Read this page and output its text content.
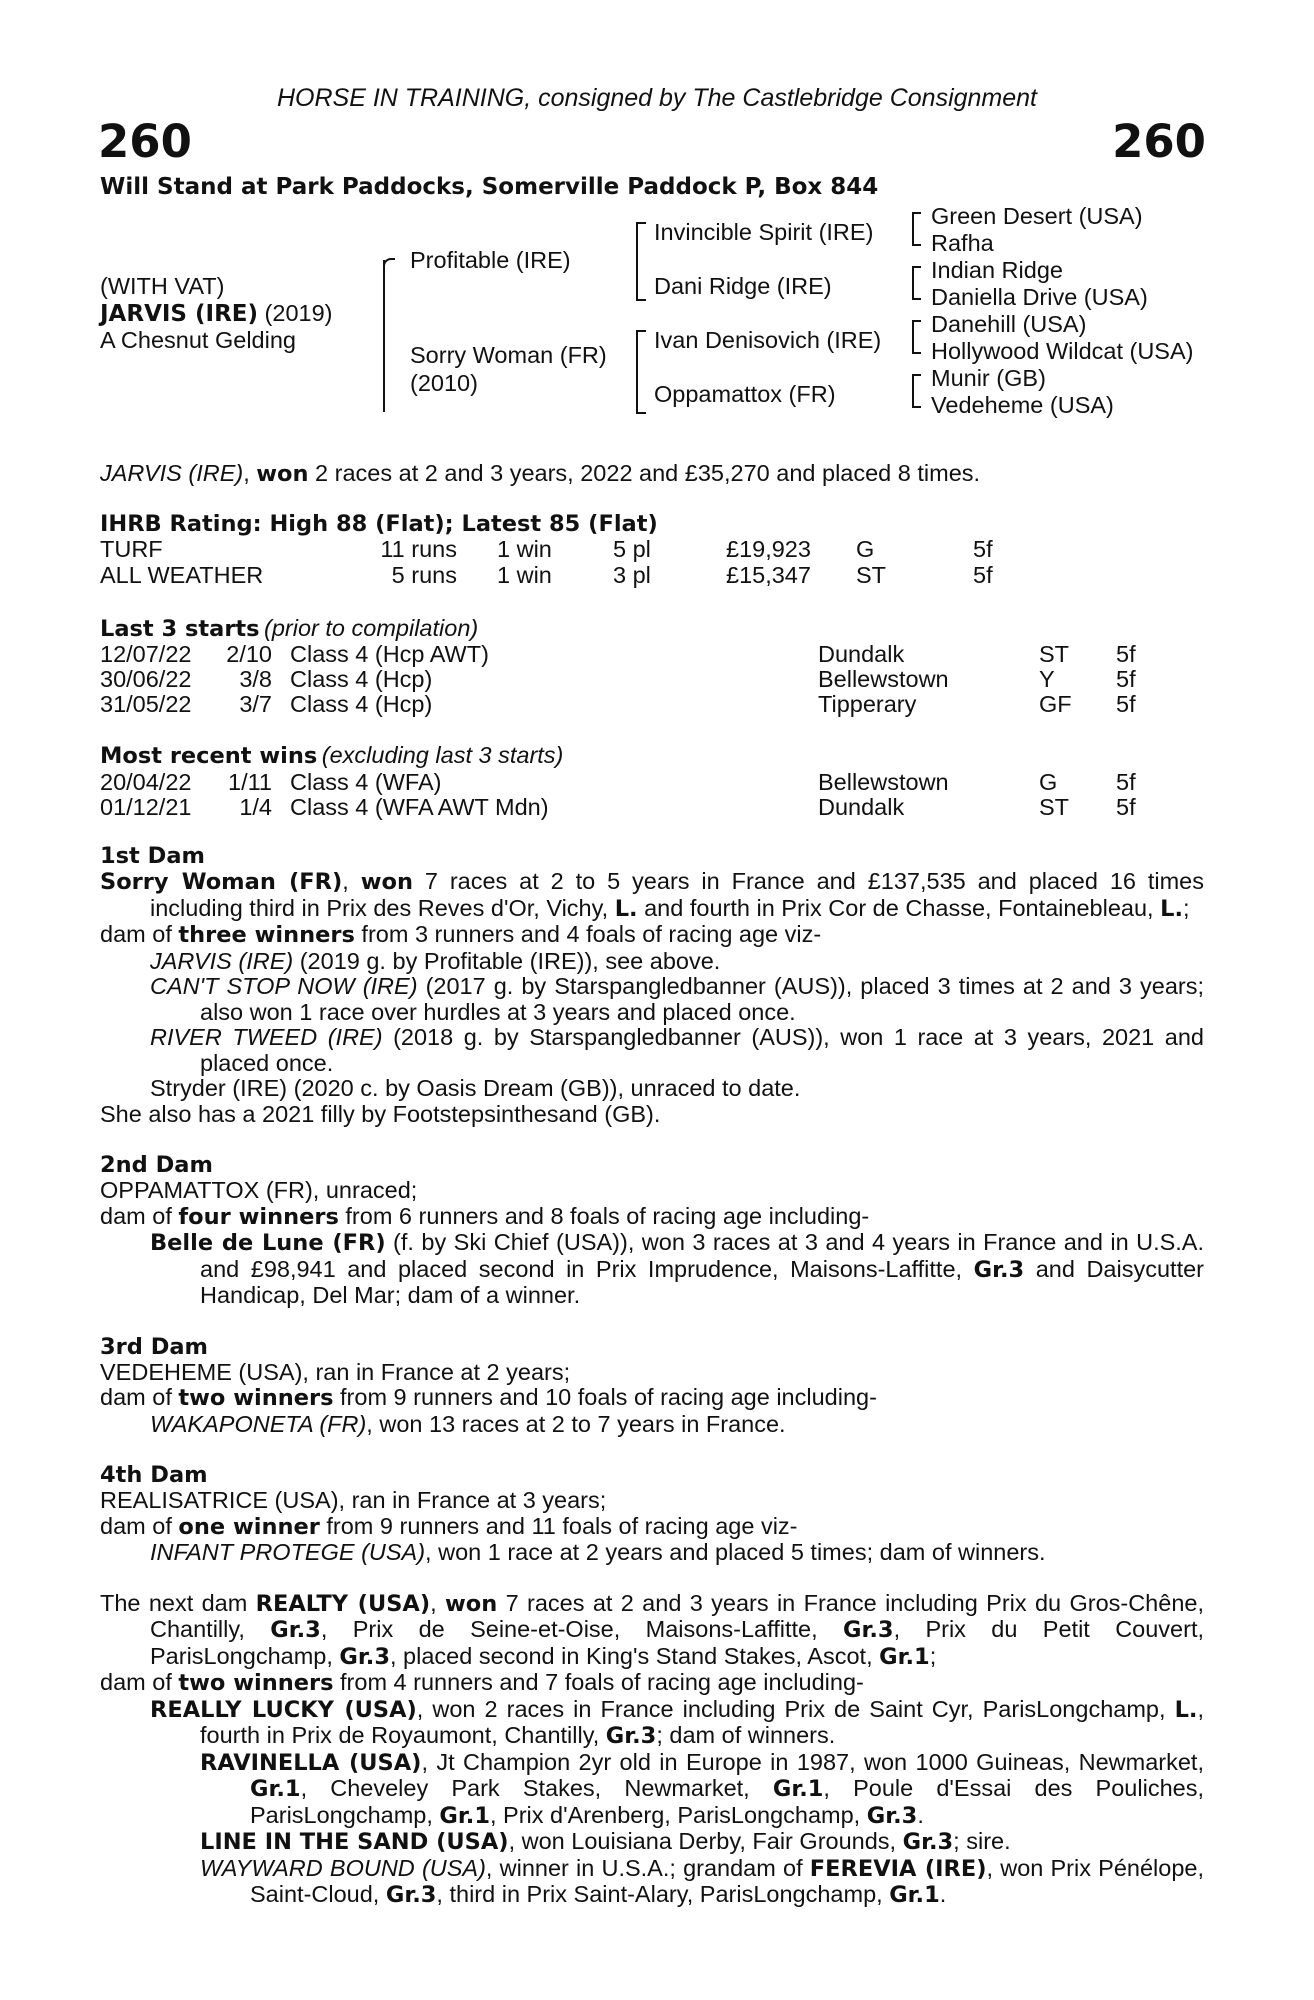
HORSE IN TRAINING, consigned by The Castlebridge Consignment
260	260
Will Stand at Park Paddocks, Somerville Paddock P, Box 844
(WITH VAT)
JARVIS (IRE) (2019)
A Chesnut Gelding
Profitable (IRE)
Sorry Woman (FR)
(2010)
Invincible Spirit (IRE)
Dani Ridge (IRE)
Ivan Denisovich (IRE)
Oppamattox (FR)
Green Desert (USA)
Rafha
Indian Ridge
Daniella Drive (USA)
Danehill (USA)
Hollywood Wildcat (USA)
Munir (GB)
Vedeheme (USA)
JARVIS (IRE), won 2 races at 2 and 3 years, 2022 and £35,270 and placed 8 times.
IHRB Rating: High 88 (Flat); Latest 85 (Flat)
TURF	11 runs 1 win	5 pl	£19,923 G	5f
ALL WEATHER	5 runs 1 win	3 pl	£15,347 ST	5f
Last 3 starts (prior to compilation)
12/07/22	2/10 Class 4 (Hcp AWT)	Dundalk	ST 5f
30/06/22	3/8 Class 4 (Hcp)	Bellewstown	Y	5f
31/05/22	3/7 Class 4 (Hcp)	Tipperary	GF 5f
Most recent wins (excluding last 3 starts)
20/04/22	1/11 Class 4 (WFA)	Bellewstown	G 5f
01/12/21	1/4 Class 4 (WFA AWT Mdn)	Dundalk	ST 5f
1st Dam
Sorry Woman (FR), won 7 races at 2 to 5 years in France and £137,535 and placed 16 times including third in Prix des Reves d'Or, Vichy, L. and fourth in Prix Cor de Chasse, Fontainebleau, L.;
dam of three winners from 3 runners and 4 foals of racing age viz-
JARVIS (IRE) (2019 g. by Profitable (IRE)), see above.
CAN'T STOP NOW (IRE) (2017 g. by Starspangledbanner (AUS)), placed 3 times at 2 and 3 years; also won 1 race over hurdles at 3 years and placed once.
RIVER TWEED (IRE) (2018 g. by Starspangledbanner (AUS)), won 1 race at 3 years, 2021 and placed once.
Stryder (IRE) (2020 c. by Oasis Dream (GB)), unraced to date.
She also has a 2021 filly by Footstepsinthesand (GB).
2nd Dam
OPPAMATTOX (FR), unraced;
dam of four winners from 6 runners and 8 foals of racing age including-
Belle de Lune (FR) (f. by Ski Chief (USA)), won 3 races at 3 and 4 years in France and in U.S.A. and £98,941 and placed second in Prix Imprudence, Maisons-Laffitte, Gr.3 and Daisycutter Handicap, Del Mar; dam of a winner.
3rd Dam
VEDEHEME (USA), ran in France at 2 years;
dam of two winners from 9 runners and 10 foals of racing age including-
WAKAPONETA (FR), won 13 races at 2 to 7 years in France.
4th Dam
REALISATRICE (USA), ran in France at 3 years;
dam of one winner from 9 runners and 11 foals of racing age viz-
INFANT PROTEGE (USA), won 1 race at 2 years and placed 5 times; dam of winners.
The next dam REALTY (USA), won 7 races at 2 and 3 years in France including Prix du Gros-Chêne, Chantilly, Gr.3, Prix de Seine-et-Oise, Maisons-Laffitte, Gr.3, Prix du Petit Couvert, ParisLongchamp, Gr.3, placed second in King's Stand Stakes, Ascot, Gr.1;
dam of two winners from 4 runners and 7 foals of racing age including-
REALLY LUCKY (USA), won 2 races in France including Prix de Saint Cyr, ParisLongchamp, L., fourth in Prix de Royaumont, Chantilly, Gr.3; dam of winners.
RAVINELLA (USA), Jt Champion 2yr old in Europe in 1987, won 1000 Guineas, Newmarket, Gr.1, Cheveley Park Stakes, Newmarket, Gr.1, Poule d'Essai des Pouliches, ParisLongchamp, Gr.1, Prix d'Arenberg, ParisLongchamp, Gr.3.
LINE IN THE SAND (USA), won Louisiana Derby, Fair Grounds, Gr.3; sire.
WAYWARD BOUND (USA), winner in U.S.A.; grandam of FEREVIA (IRE), won Prix Pénélope, Saint-Cloud, Gr.3, third in Prix Saint-Alary, ParisLongchamp, Gr.1.
